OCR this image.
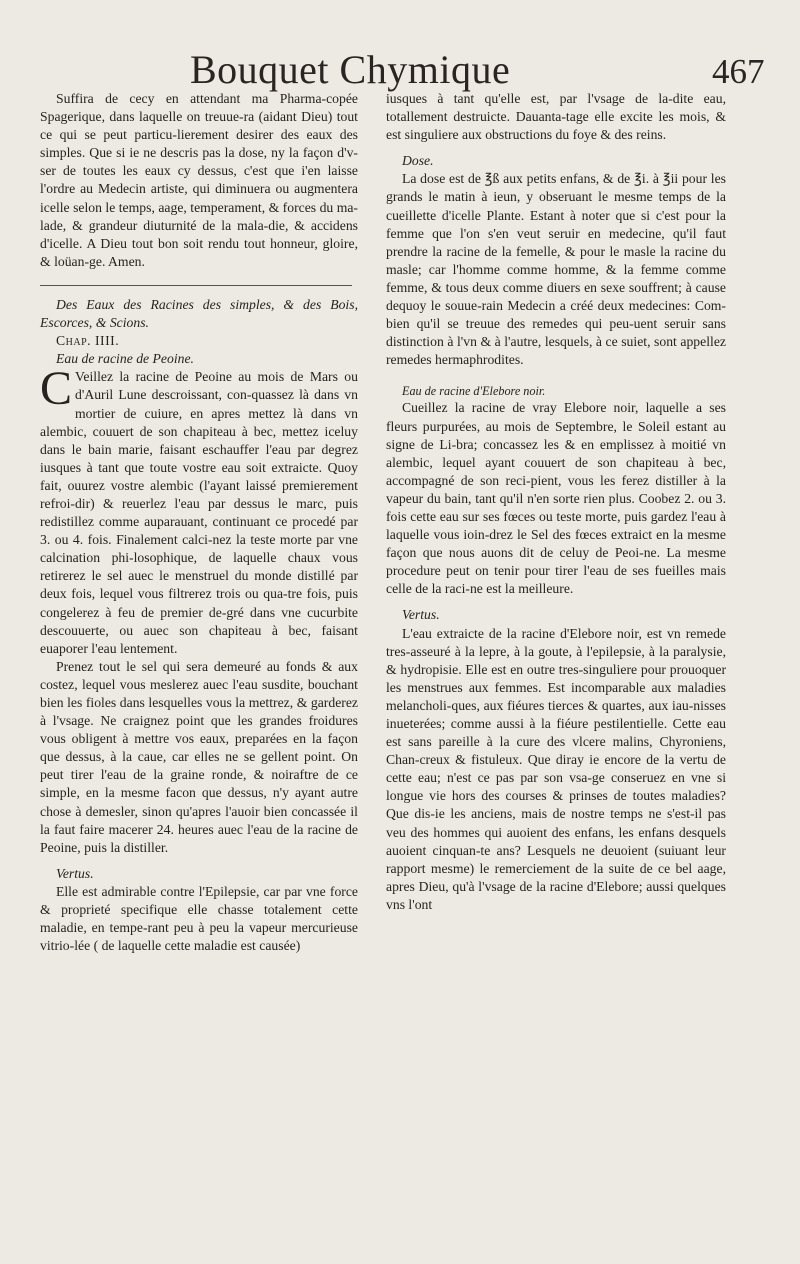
Bouquet Chymique	467

Suffira de cecy en attendant ma Pharma-copée Spagerique, dans laquelle on treuue-ra (aidant Dieu) tout ce qui se peut particu-lierement desirer des eaux des simples. Que si ie ne descris pas la dose, ny la façon d'v-ser de toutes les eaux cy dessus, c'est que i'en laisse l'ordre au Medecin artiste, qui diminuera ou augmentera icelle selon le temps, aage, temperament, & forces du ma-lade, & grandeur diuturnité de la mala-die, & accidens d'icelle. A Dieu tout bon soit rendu tout honneur, gloire, & loüan-ge. Amen.

Des Eaux des Racines des simples, & des Bois, Escorces, & Scions.

Chap. IIII.

Eau de racine de Peoine.

CVeillez la racine de Peoine au mois de Mars ou d'Auril Lune descroissant, con-quassez là dans vn mortier de cuiure, en apres mettez là dans vn alembic, couuert de son chapiteau à bec, mettez iceluy dans le bain marie, faisant eschauffer l'eau par degrez iusques à tant que toute vostre eau soit extraicte. Quoy fait, ouurez vostre alembic (l'ayant laissé premierement refroi-dir) & reuerlez l'eau par dessus le marc, puis redistillez comme auparauant, continuant ce procedé par 3. ou 4. fois. Finalement calci-nez la teste morte par vne calcination phi-losophique, de laquelle chaux vous retirerez le sel auec le menstruel du monde distillé par deux fois, lequel vous filtrerez trois ou qua-tre fois, puis congelerez à feu de premier de-gré dans vne cucurbite descouuerte, ou auec son chapiteau à bec, faisant euaporer l'eau lentement.

Prenez tout le sel qui sera demeuré au fonds & aux costez, lequel vous meslerez auec l'eau susdite, bouchant bien les fioles dans lesquelles vous la mettrez, & garderez à l'vsage. Ne craignez point que les grandes froidures vous obligent à mettre vos eaux, preparées en la façon que dessus, à la caue, car elles ne se gellent point. On peut tirer l'eau de la graine ronde, & noiraftre de ce simple, en la mesme facon que dessus, n'y ayant autre chose à demesler, sinon qu'apres l'auoir bien concassée il la faut faire macerer 24. heures auec l'eau de la racine de Peoine, puis la distiller.

Vertus.

Elle est admirable contre l'Epilepsie, car par vne force & proprieté specifique elle chasse totalement cette maladie, en tempe-rant peu à peu la vapeur mercurieuse vitrio-lée ( de laquelle cette maladie est causée)

iusques à tant qu'elle est, par l'vsage de la-dite eau, totallement destruicte. Dauanta-tage elle excite les mois, & est singuliere aux obstructions du foye & des reins.

Dose.

La dose est de ℥ß aux petits enfans, & de ℥i. à ℥ii pour les grands le matin à ieun, y obseruant le mesme temps de la cueillette d'icelle Plante. Estant à noter que si c'est pour la femme que l'on s'en veut seruir en medecine, qu'il faut prendre la racine de la femelle, & pour le masle la racine du masle; car l'homme comme homme, & la femme comme femme, & tous deux comme diuers en sexe souffrent; à cause dequoy le souue-rain Medecin a créé deux medecines: Com-bien qu'il se treuue des remedes qui peu-uent seruir sans distinction à l'vn & à l'autre, lesquels, à ce suiet, sont appellez remedes hermaphrodites.

Eau de racine d'Elebore noir.

Cueillez la racine de vray Elebore noir, laquelle a ses fleurs purpurées, au mois de Septembre, le Soleil estant au signe de Li-bra; concassez les & en emplissez à moitié vn alembic, lequel ayant couuert de son chapiteau à bec, accompagné de son reci-pient, vous les ferez distiller à la vapeur du bain, tant qu'il n'en sorte rien plus. Coobez 2. ou 3. fois cette eau sur ses fœces ou teste morte, puis gardez l'eau à laquelle vous ioin-drez le Sel des fœces extraict en la mesme façon que nous auons dit de celuy de Peoi-ne. La mesme procedure peut on tenir pour tirer l'eau de ses fueilles mais celle de la raci-ne est la meilleure.

Vertus.

L'eau extraicte de la racine d'Elebore noir, est vn remede tres-asseuré à la lepre, à la goute, à l'epilepsie, à la paralysie, & hydropisie. Elle est en outre tres-singuliere pour prouoquer les menstrues aux femmes. Est incomparable aux maladies melancholi-ques, aux fiéures tierces & quartes, aux iau-nisses inueterées; comme aussi à la fiéure pestilentielle. Cette eau est sans pareille à la cure des vlcere malins, Chyroniens, Chan-creux & fistuleux. Que diray ie encore de la vertu de cette eau; n'est ce pas par son vsa-ge conseruez en vne si longue vie hors des courses & prinses de toutes maladies? Que dis-ie les anciens, mais de nostre temps ne s'est-il pas veu des hommes qui auoient des enfans, les enfans desquels auoient cinquan-te ans? Lesquels ne deuoient (suiuant leur rapport mesme) le remerciement de la suite de ce bel aage, apres Dieu, qu'à l'vsage de la racine d'Elebore; aussi quelques vns l'ont
